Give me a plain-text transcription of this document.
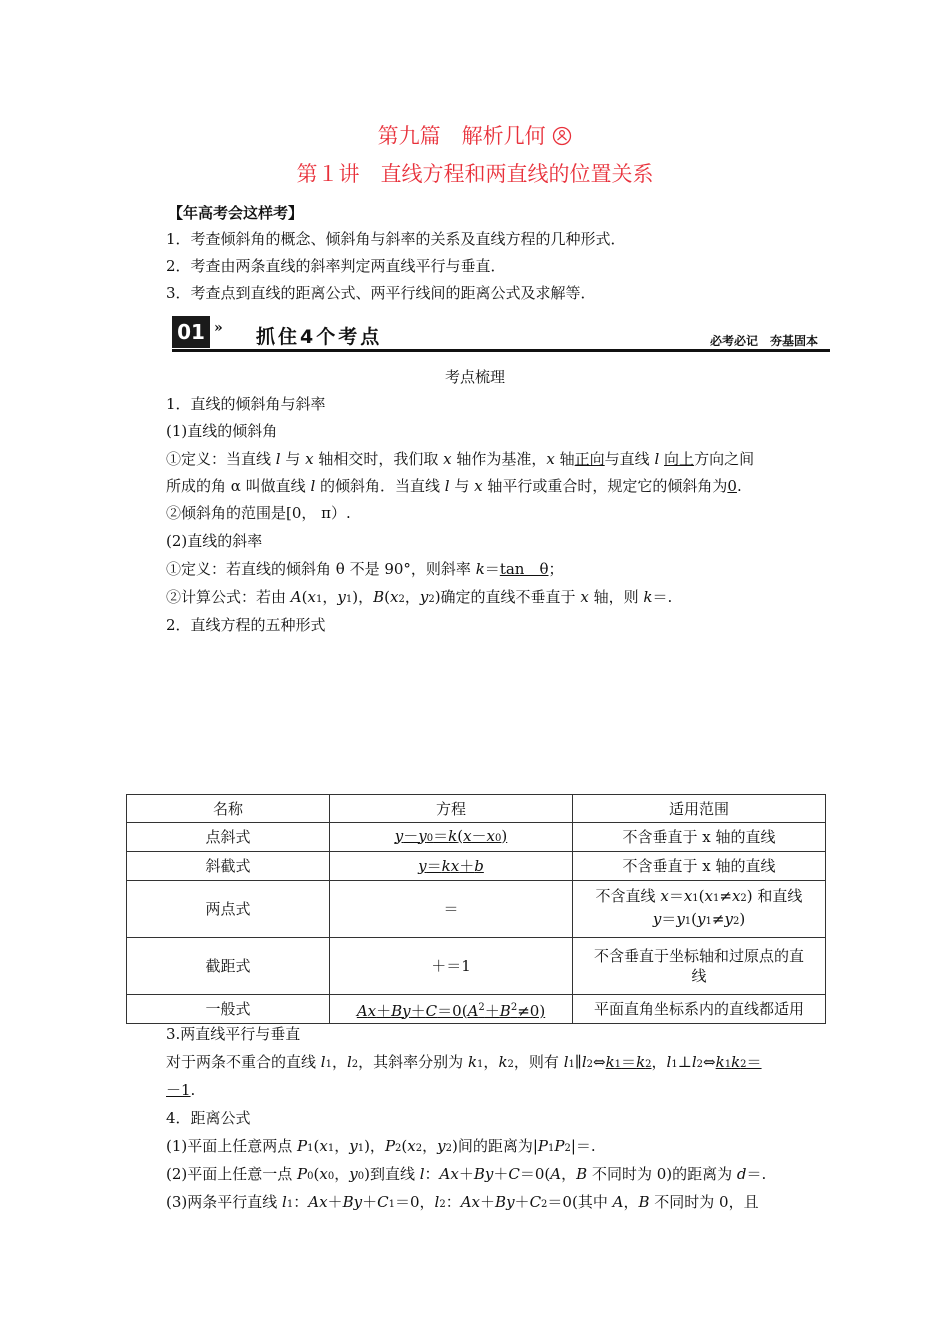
第九篇　解析几何
第１讲　直线方程和两直线的位置关系
【年高考会这样考】
1．考查倾斜角的概念、倾斜角与斜率的关系及直线方程的几种形式．
2．考查由两条直线的斜率判定两直线平行与垂直．
3．考查点到直线的距离公式、两平行线间的距离公式及求解等．
01 » 抓住4个考点	必考必记　夯基固本
考点梳理
1．直线的倾斜角与斜率
(1)直线的倾斜角
①定义：当直线 l 与 x 轴相交时，我们取 x 轴作为基准，x 轴正向与直线 l 向上方向之间
所成的角 α 叫做直线 l 的倾斜角．当直线 l 与 x 轴平行或重合时，规定它的倾斜角为0.
②倾斜角的范围是[0， π）.
(2)直线的斜率
①定义：若直线的倾斜角 θ 不是 90°，则斜率 k＝tan　θ；
②计算公式：若由 A(x1，y1)，B(x2，y2)确定的直线不垂直于 x 轴，则 k＝.
2．直线方程的五种形式
名称	方程	适用范围
点斜式	y－y0＝k(x－x0)	不含垂直于 x 轴的直线
斜截式	y＝kx＋b	不含垂直于 x 轴的直线
两点式	＝	不含直线 x＝x1(x1≠x2) 和直线
y＝y1(y1≠y2)
截距式	＋＝1	不含垂直于坐标轴和过原点的直
线
一般式	$Ax+By+C=0(A^2+B^2\ne 0)$	平面直角坐标系内的直线都适用
3.两直线平行与垂直
对于两条不重合的直线 l1，l2，其斜率分别为 k1，k2，则有 l1∥l2⇔k1＝k2，l1⊥l2⇔k1k2＝
－1.
4．距离公式
(1)平面上任意两点 P1(x1，y1)，P2(x2，y2)间的距离为|P1P2|＝.
(2)平面上任意一点 P0(x0，y0)到直线 l：Ax＋By＋C＝0(A，B 不同时为 0)的距离为 d＝.
(3)两条平行直线 l1：Ax＋By＋C1＝0，l2：Ax＋By＋C2＝0(其中 A，B 不同时为 0，且
